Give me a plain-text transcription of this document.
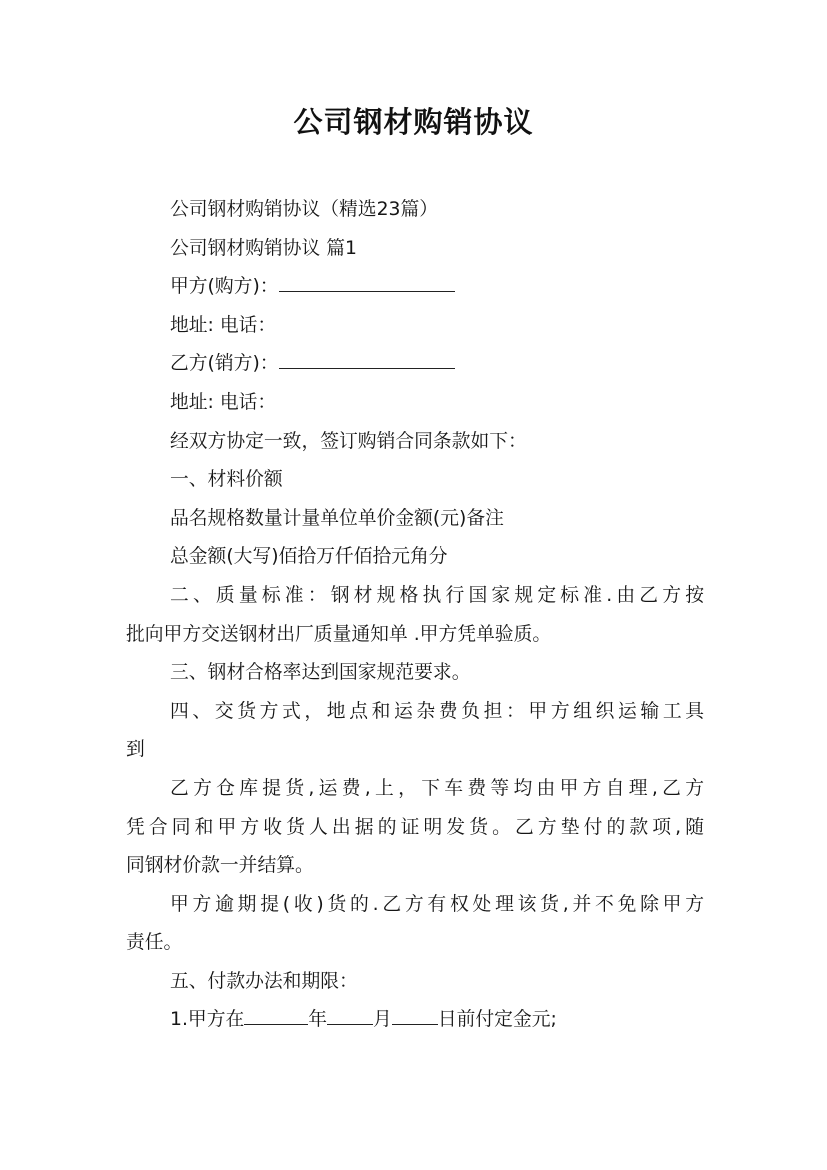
公司钢材购销协议
公司钢材购销协议（精选23篇）
公司钢材购销协议 篇1
甲方(购方)：
地址: 电话：
乙方(销方)：
地址: 电话：
经双方协定一致，签订购销合同条款如下：
一、材料价额
品名规格数量计量单位单价金额(元)备注
总金额(大写)佰拾万仟佰拾元角分
二、质量标准：钢材规格执行国家规定标准.由乙方按
批向甲方交送钢材出厂质量通知单 .甲方凭单验质。
三、钢材合格率达到国家规范要求。
四、交货方式，地点和运杂费负担：甲方组织运输工具
到
乙方仓库提货,运费,上，下车费等均由甲方自理,乙方
凭合同和甲方收货人出据的证明发货。乙方垫付的款项,随
同钢材价款一并结算。
甲方逾期提(收)货的.乙方有权处理该货,并不免除甲方
责任。
五、付款办法和期限：
1.甲方在	年 月 日前付定金元;
